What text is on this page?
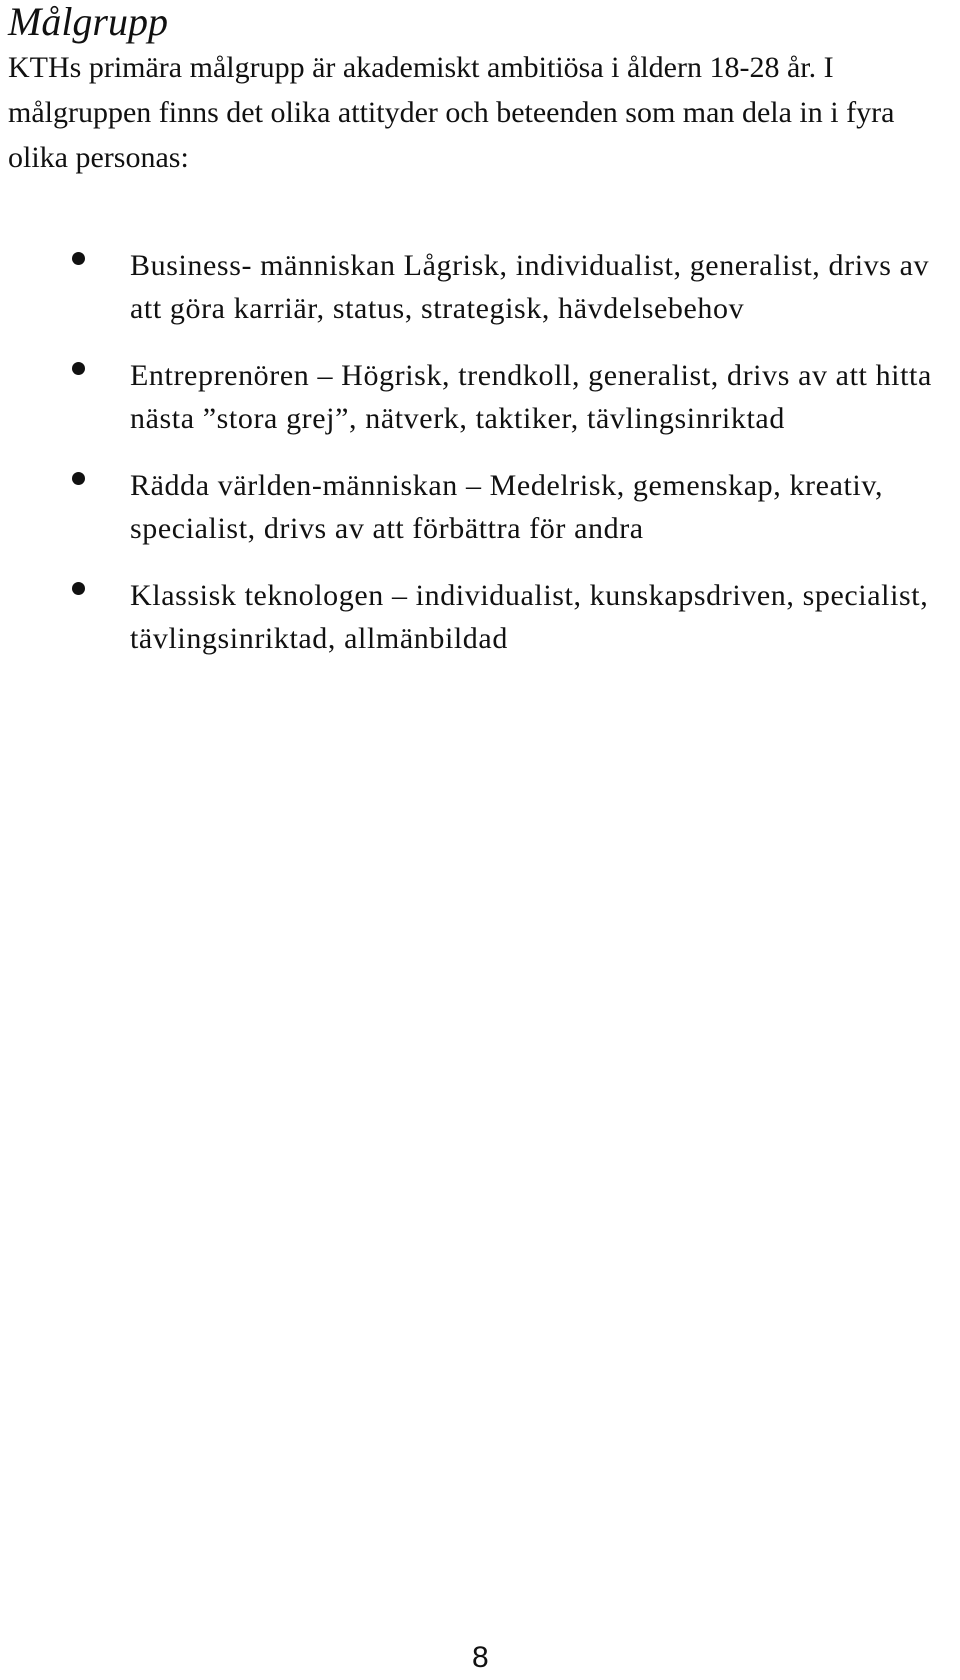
Målgrupp

KTHs primära målgrupp är akademiskt ambitiösa i åldern 18-28 år. I målgruppen finns det olika attityder och beteenden som man dela in i fyra olika personas:

Business- människan Lågrisk, individualist, generalist, drivs av att göra karriär, status, strategisk, hävdelsebehov
Entreprenören – Högrisk, trendkoll, generalist, drivs av att hitta nästa ”stora grej”, nätverk, taktiker, tävlingsinriktad
Rädda världen-människan – Medelrisk, gemenskap, kreativ, specialist, drivs av att förbättra för andra
Klassisk teknologen – individualist, kunskapsdriven, specialist, tävlingsinriktad, allmänbildad

8
